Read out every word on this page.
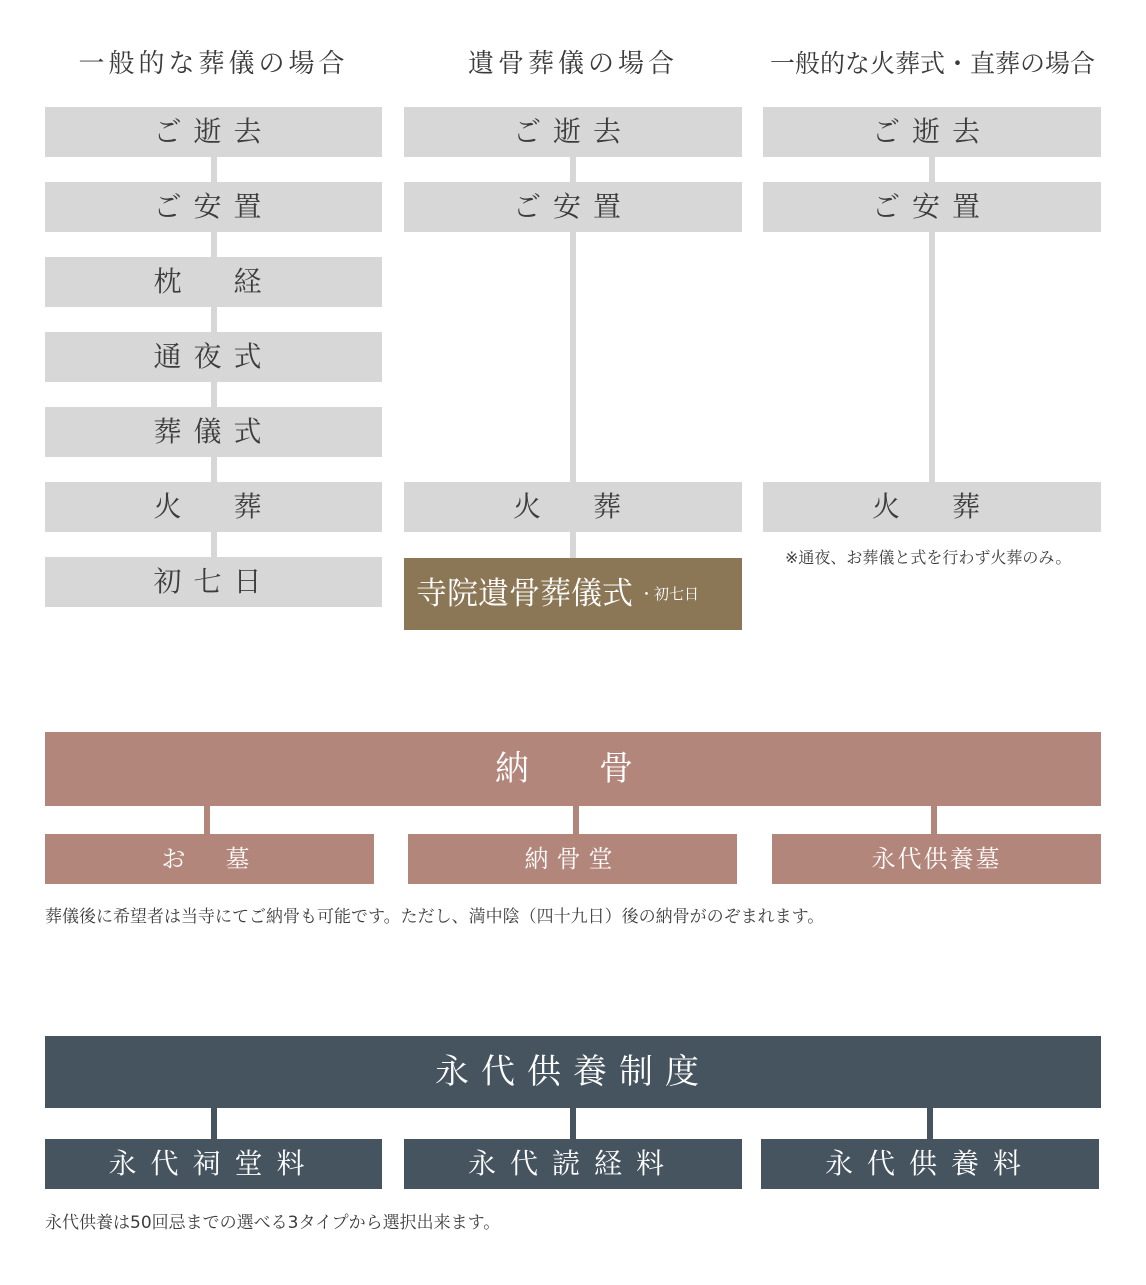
一般的な葬儀の場合	遺骨葬儀の場合	一般的な火葬式・直葬の場合
ご逝去
ご安置
枕　経
通夜式
葬儀式
火　葬
初七日
ご逝去
ご安置
火　葬
寺院遺骨葬儀式 $^{・初七日}$
ご逝去
ご安置
火　葬
※通夜、お葬儀と式を行わず火葬のみ。
納　骨
お　墓	納骨堂	永代供養墓
葬儀後に希望者は当寺にてご納骨も可能です。ただし、満中陰（四十九日）後の納骨がのぞまれます。
永代供養制度
永代祠堂料	永代読経料	永代供養料
永代供養は50回忌までの選べる3タイプから選択出来ます。
